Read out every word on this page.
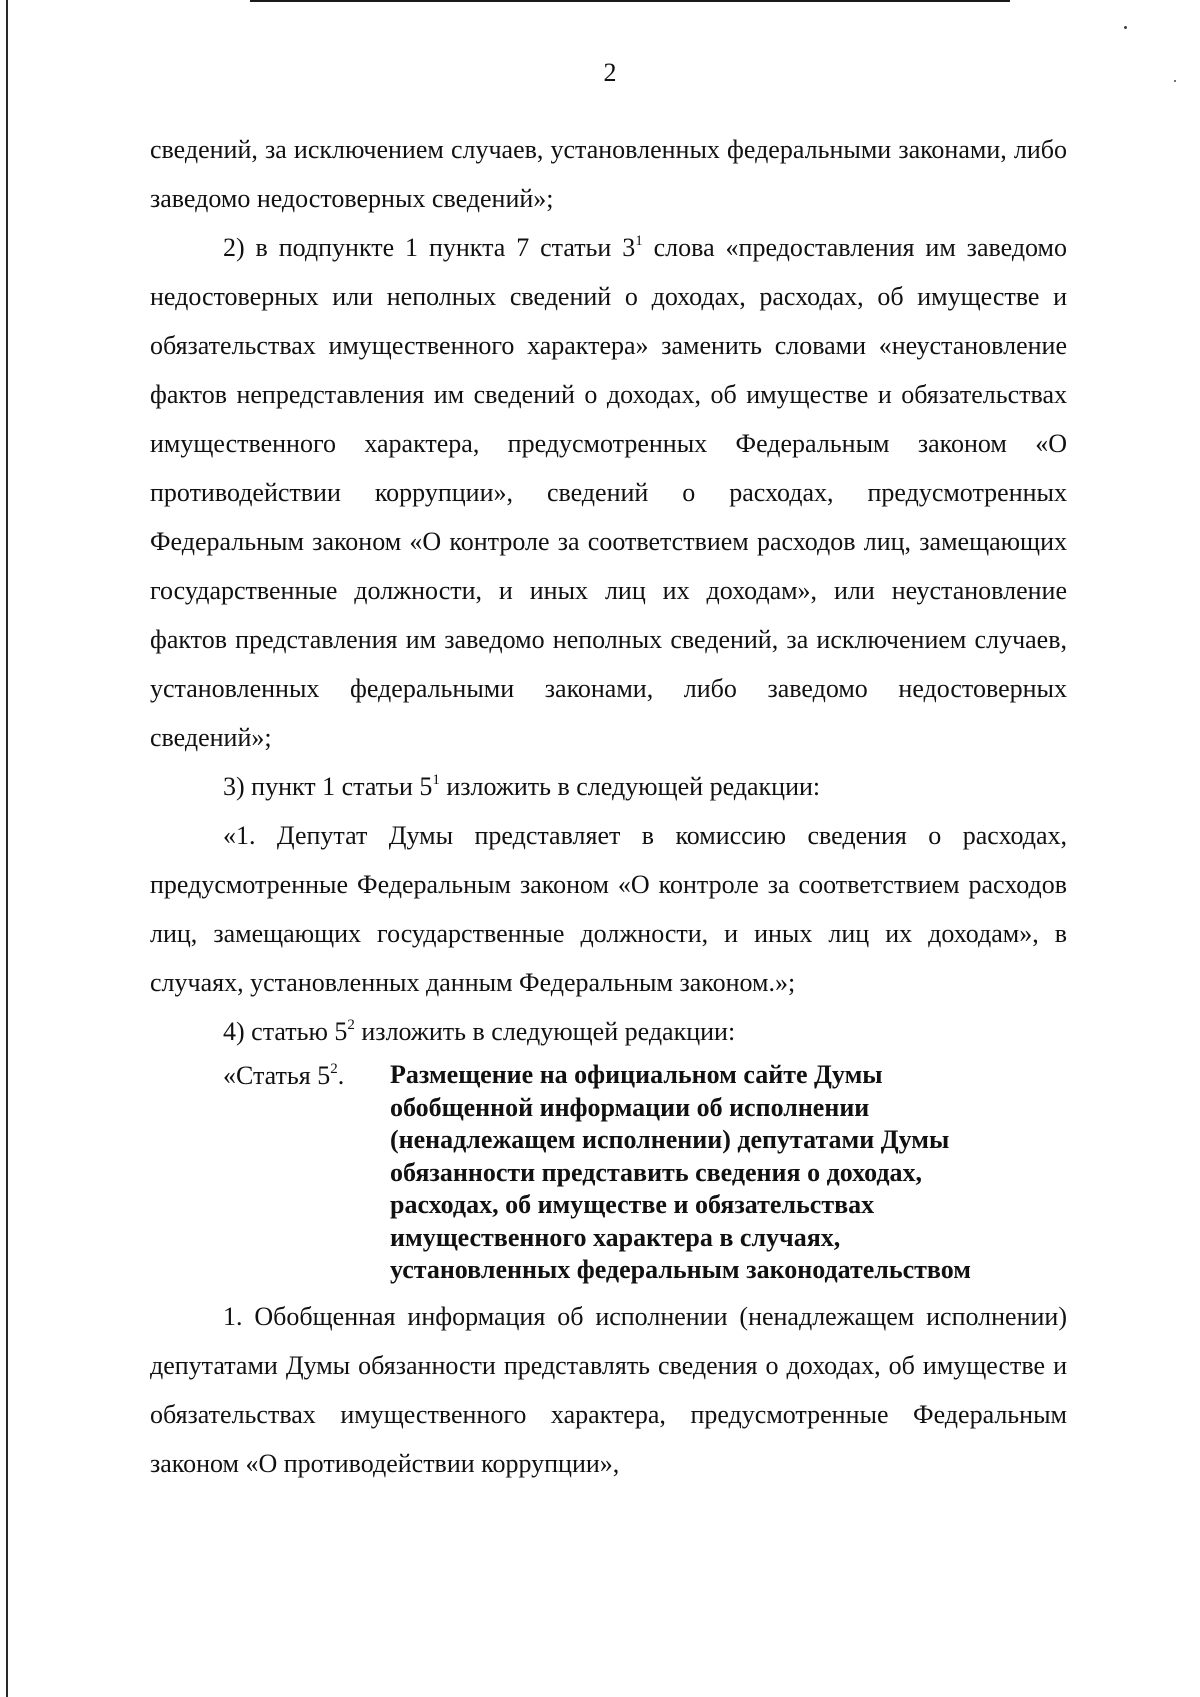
2

сведений, за исключением случаев, установленных федеральными законами, либо заведомо недостоверных сведений»;

2) в подпункте 1 пункта 7 статьи $3^1$ слова «предоставления им заведомо недостоверных или неполных сведений о доходах, расходах, об имуществе и обязательствах имущественного характера» заменить словами «неустановление фактов непредставления им сведений о доходах, об имуществе и обязательствах имущественного характера, предусмотренных Федеральным законом «О противодействии коррупции», сведений о расходах, предусмотренных Федеральным законом «О контроле за соответствием расходов лиц, замещающих государственные должности, и иных лиц их доходам», или неустановление фактов представления им заведомо неполных сведений, за исключением случаев, установленных федеральными законами, либо заведомо недостоверных сведений»;

3) пункт 1 статьи $5^1$ изложить в следующей редакции:

«1. Депутат Думы представляет в комиссию сведения о расходах, предусмотренные Федеральным законом «О контроле за соответствием расходов лиц, замещающих государственные должности, и иных лиц их доходам», в случаях, установленных данным Федеральным законом.»;

4) статью $5^2$ изложить в следующей редакции:

«Статья $5^2$.	Размещение на официальном сайте Думы
обобщенной информации об исполнении
(ненадлежащем исполнении) депутатами Думы
обязанности представить сведения о доходах,
расходах, об имуществе и обязательствах
имущественного характера в случаях,
установленных федеральным законодательством

1. Обобщенная информация об исполнении (ненадлежащем исполнении) депутатами Думы обязанности представлять сведения о доходах, об имуществе и обязательствах имущественного характера, предусмотренные Федеральным законом «О противодействии коррупции»,
